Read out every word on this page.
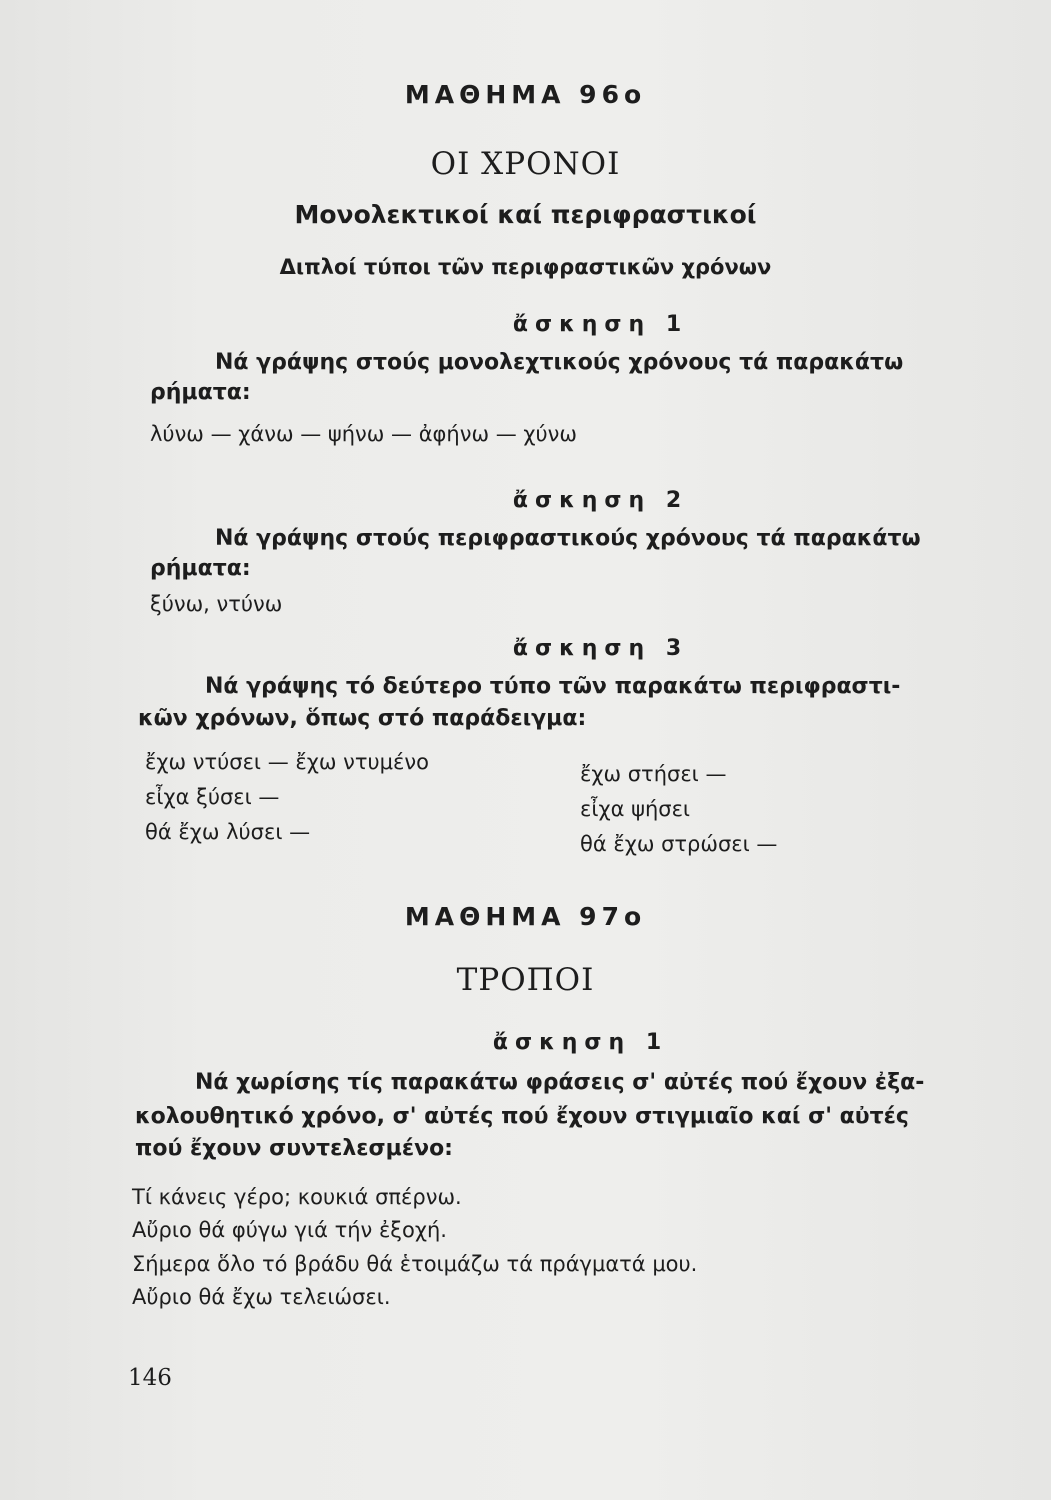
ΜΑΘΗΜΑ 96ο
ΟΙ ΧΡΟΝΟΙ
Μονολεκτικοί καί περιφραστικοί
Διπλοί τύποι τῶν περιφραστικῶν χρόνων
ἄσκηση 1
Νά γράψης στούς μονολεχτικούς χρόνους τά παρακάτω
ρήματα:
λύνω — χάνω — ψήνω — ἀφήνω — χύνω
ἄσκηση 2
Νά γράψης στούς περιφραστικούς χρόνους τά παρακάτω
ρήματα:
ξύνω, ντύνω
ἄσκηση 3
Νά γράψης τό δεύτερο τύπο τῶν παρακάτω περιφραστι-
κῶν χρόνων, ὅπως στό παράδειγμα:
ἔχω ντύσει — ἔχω ντυμένο
εἶχα ξύσει —
θά ἔχω λύσει —
ἔχω στήσει —
εἶχα ψήσει
θά ἔχω στρώσει —
ΜΑΘΗΜΑ 97ο
ΤΡΟΠΟΙ
ἄσκηση 1
Νά χωρίσης τίς παρακάτω φράσεις σ' αὐτές πού ἔχουν ἐξα-
κολουθητικό χρόνο, σ' αὐτές πού ἔχουν στιγμιαῖο καί σ' αὐτές
πού ἔχουν συντελεσμένο:
Τί κάνεις γέρο; κουκιά σπέρνω.
Αὔριο θά φύγω γιά τήν ἐξοχή.
Σήμερα ὅλο τό βράδυ θά ἑτοιμάζω τά πράγματά μου.
Αὔριο θά ἔχω τελειώσει.
146
